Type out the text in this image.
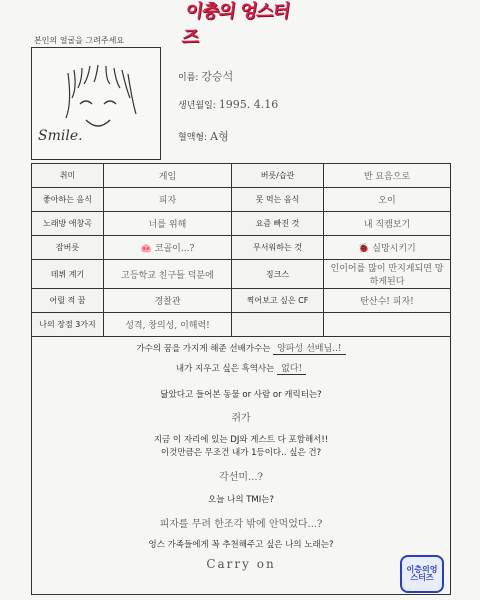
이층의 엉스터즈
본인의 얼굴을 그려주세요
Smile.
이름: 강승석
생년월일: 1995. 4.16
혈액형: A형
취미	게임	버릇/습관	반 묘음으로
좋아하는 음식	피자	못 먹는 음식	오이
노래방 애창곡	너를 위해	요즘 빠진 것	내 직캠보기
잠버릇	🐽 코골이...?	무서워하는 것	🐞 실망시키기
데뷔 계기	고등학교 친구들 덕분에	징크스	인이어를 많이 만지게되면 망하게된다
어릴 적 꿈	경찰관	찍어보고 싶은 CF	탄산수! 피자!
나의 장점 3가지	성격, 창의성, 이해력!		
가수의 꿈을 가지게 해준 선배가수는 양파성 선배님..!
내가 지우고 싶은 흑역사는 없다!
닮았다고 들어본 동물 or 사람 or 캐릭터는?
쥐가
지금 이 자리에 있는 DJ와 게스트 다 포함해서!!
이것만큼은 무조건 내가 1등이다.. 싶은 건?
각선미...?
오늘 나의 TMI는?
피자를 무려 한조각 밖에 안먹었다...?
엉스 가족들에게 꼭 추천해주고 싶은 나의 노래는?
Carry on	이층의엉
스터즈
